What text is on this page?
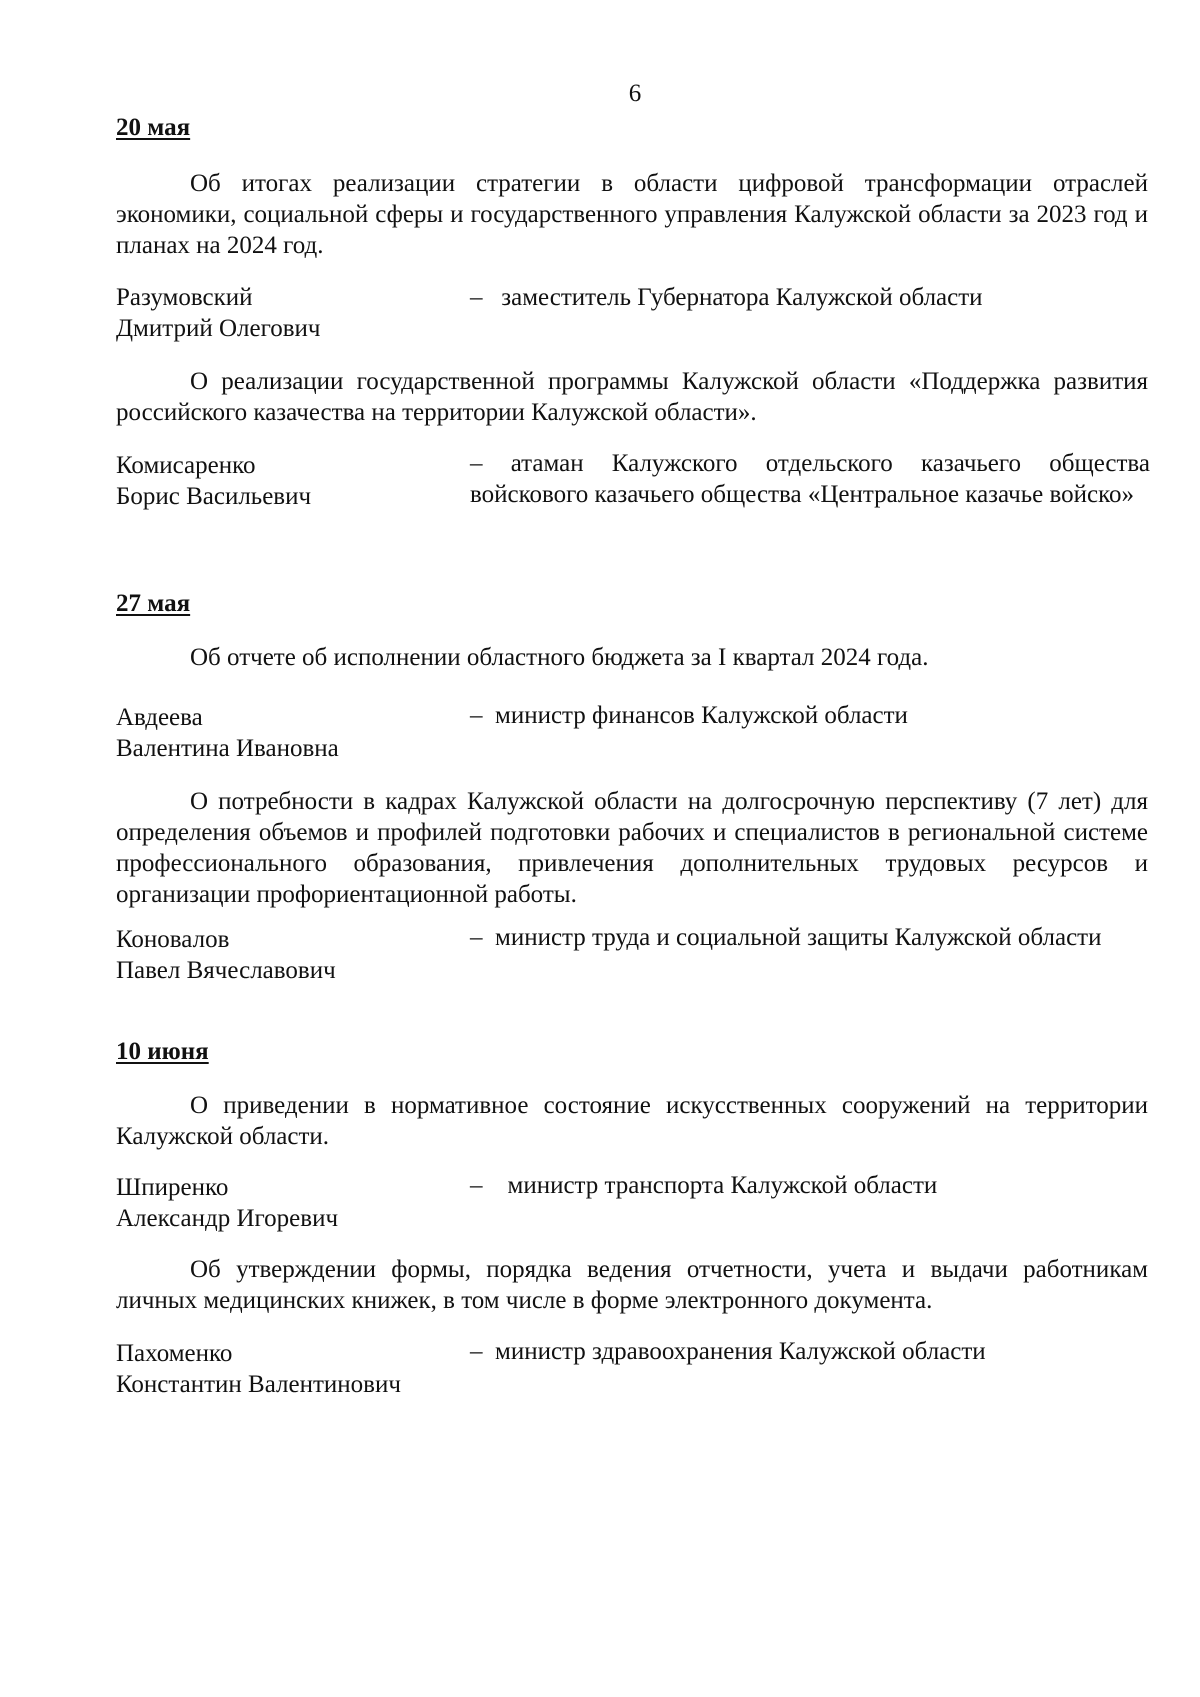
6
20 мая

Об итогах реализации стратегии в области цифровой трансформации отраслей экономики, социальной сферы и государственного управления Калужской области за 2023 год и планах на 2024 год.

Разумовский
Дмитрий Олегович
– заместитель Губернатора Калужской области

О реализации государственной программы Калужской области «Поддержка развития российского казачества на территории Калужской области».

Комисаренко
Борис Васильевич
– атаман Калужского отдельского казачьего общества войскового казачьего общества «Центральное казачье войско»
27 мая

Об отчете об исполнении областного бюджета за I квартал 2024 года.

Авдеева
Валентина Ивановна
– министр финансов Калужской области

О потребности в кадрах Калужской области на долгосрочную перспективу (7 лет) для определения объемов и профилей подготовки рабочих и специалистов в региональной системе профессионального образования, привлечения дополнительных трудовых ресурсов и организации профориентационной работы.

Коновалов
Павел Вячеславович
– министр труда и социальной защиты Калужской области
10 июня

О приведении в нормативное состояние искусственных сооружений на территории Калужской области.

Шпиренко
Александр Игоревич
– министр транспорта Калужской области

Об утверждении формы, порядка ведения отчетности, учета и выдачи работникам личных медицинских книжек, в том числе в форме электронного документа.

Пахоменко
Константин Валентинович
– министр здравоохранения Калужской области
